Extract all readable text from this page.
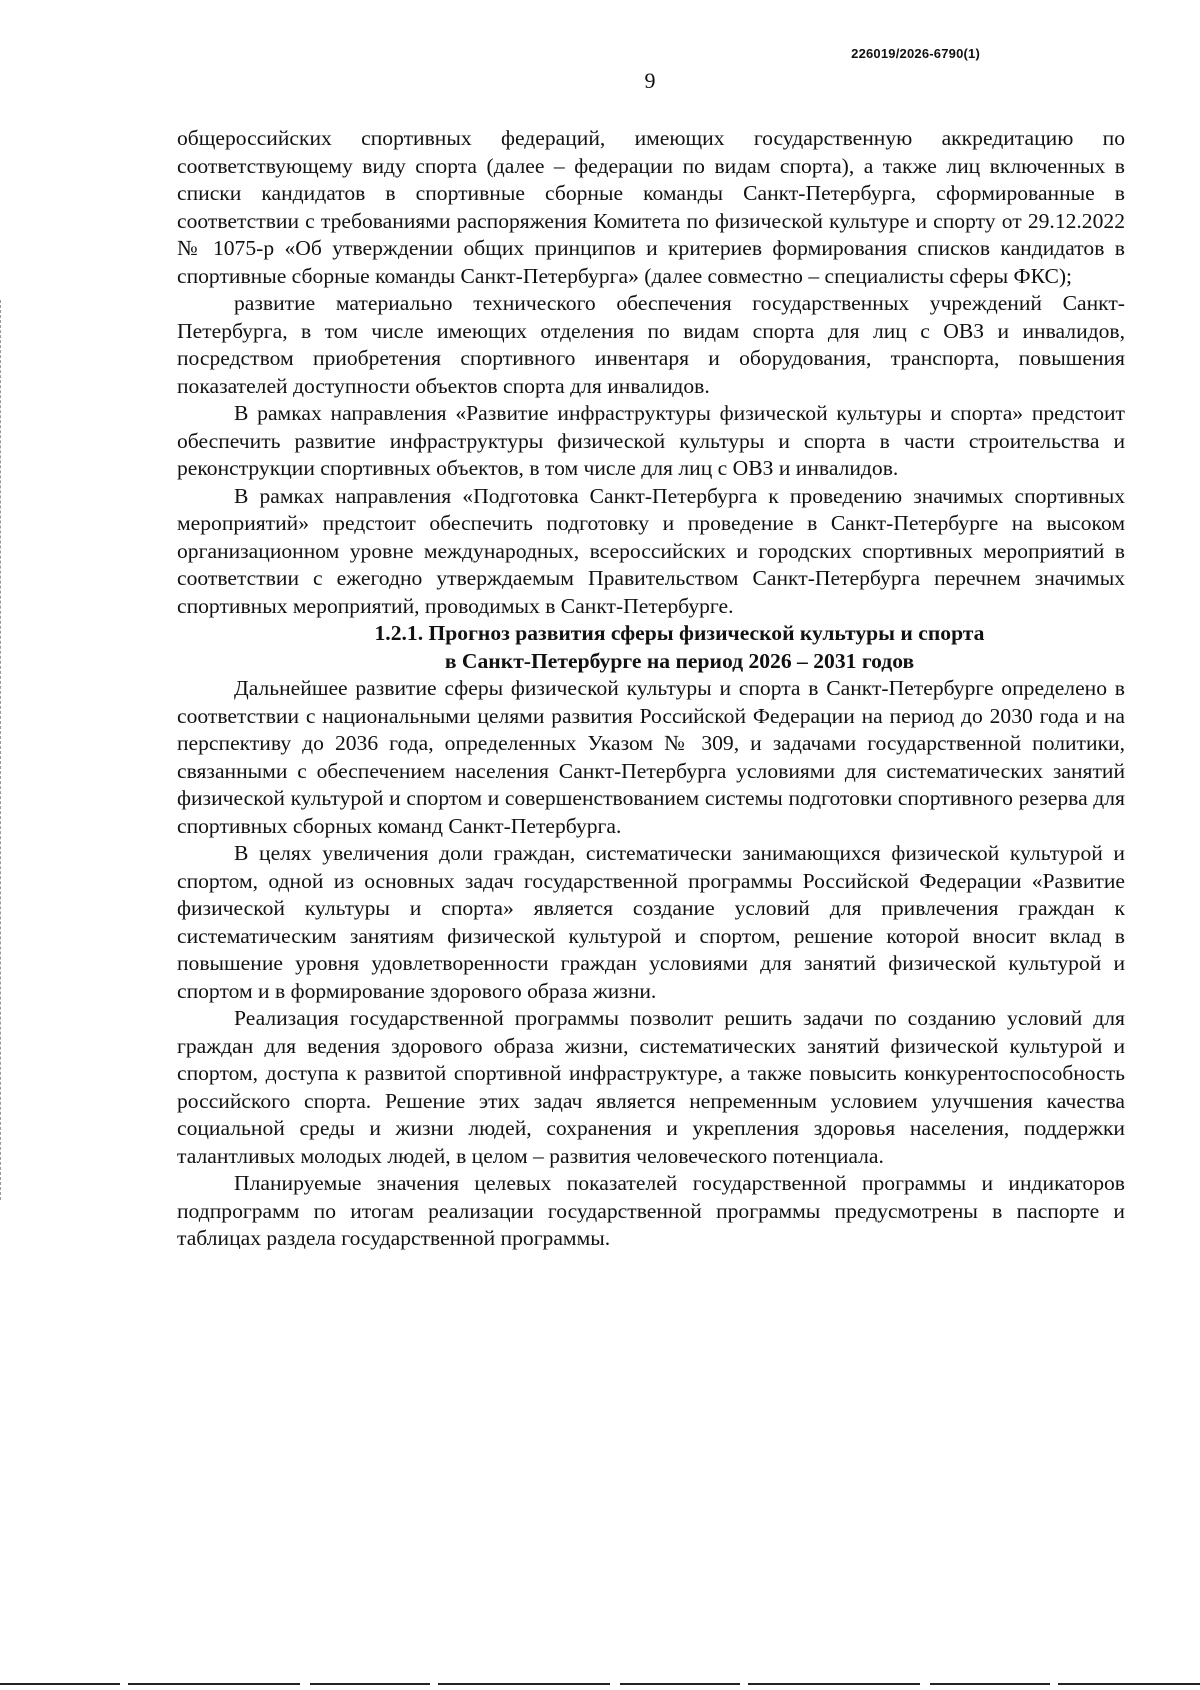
226019/2026-6790(1)
9

общероссийских спортивных федераций, имеющих государственную аккредитацию по соответствующему виду спорта (далее – федерации по видам спорта), а также лиц включенных в списки кандидатов в спортивные сборные команды Санкт-Петербурга, сформированные в соответствии с требованиями распоряжения Комитета по физической культуре и спорту от 29.12.2022 № 1075-р «Об утверждении общих принципов и критериев формирования списков кандидатов в спортивные сборные команды Санкт-Петербурга» (далее совместно – специалисты сферы ФКС);

развитие материально технического обеспечения государственных учреждений Санкт-Петербурга, в том числе имеющих отделения по видам спорта для лиц с ОВЗ и инвалидов, посредством приобретения спортивного инвентаря и оборудования, транспорта, повышения показателей доступности объектов спорта для инвалидов.

В рамках направления «Развитие инфраструктуры физической культуры и спорта» предстоит обеспечить развитие инфраструктуры физической культуры и спорта в части строительства и реконструкции спортивных объектов, в том числе для лиц с ОВЗ и инвалидов.

В рамках направления «Подготовка Санкт-Петербурга к проведению значимых спортивных мероприятий» предстоит обеспечить подготовку и проведение в Санкт-Петербурге на высоком организационном уровне международных, всероссийских и городских спортивных мероприятий в соответствии с ежегодно утверждаемым Правительством Санкт-Петербурга перечнем значимых спортивных мероприятий, проводимых в Санкт-Петербурге.

1.2.1. Прогноз развития сферы физической культуры и спорта
в Санкт-Петербурге на период 2026 – 2031 годов

Дальнейшее развитие сферы физической культуры и спорта в Санкт-Петербурге определено в соответствии с национальными целями развития Российской Федерации на период до 2030 года и на перспективу до 2036 года, определенных Указом № 309, и задачами государственной политики, связанными с обеспечением населения Санкт-Петербурга условиями для систематических занятий физической культурой и спортом и совершенствованием системы подготовки спортивного резерва для спортивных сборных команд Санкт-Петербурга.

В целях увеличения доли граждан, систематически занимающихся физической культурой и спортом, одной из основных задач государственной программы Российской Федерации «Развитие физической культуры и спорта» является создание условий для привлечения граждан к систематическим занятиям физической культурой и спортом, решение которой вносит вклад в повышение уровня удовлетворенности граждан условиями для занятий физической культурой и спортом и в формирование здорового образа жизни.

Реализация государственной программы позволит решить задачи по созданию условий для граждан для ведения здорового образа жизни, систематических занятий физической культурой и спортом, доступа к развитой спортивной инфраструктуре, а также повысить конкурентоспособность российского спорта. Решение этих задач является непременным условием улучшения качества социальной среды и жизни людей, сохранения и укрепления здоровья населения, поддержки талантливых молодых людей, в целом – развития человеческого потенциала.

Планируемые значения целевых показателей государственной программы и индикаторов подпрограмм по итогам реализации государственной программы предусмотрены в паспорте и таблицах раздела государственной программы.
